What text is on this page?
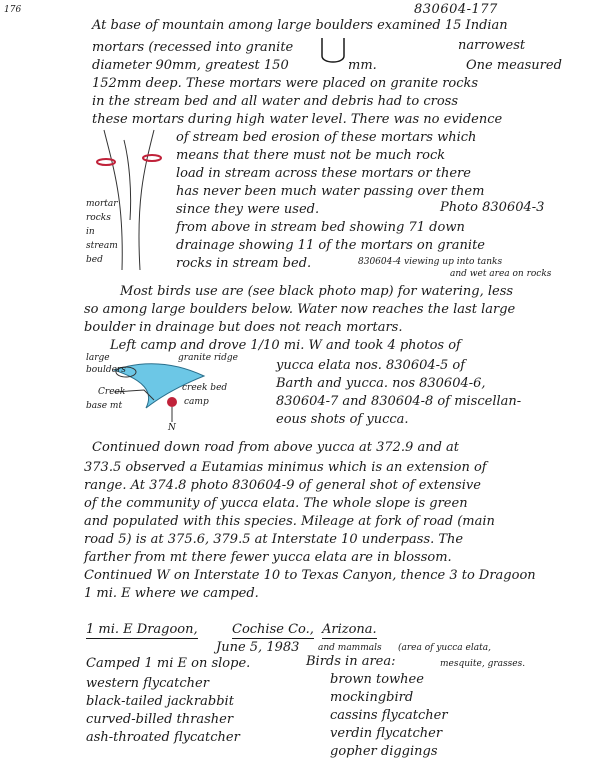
176	830604-177
At base of mountain among large boulders examined 15 Indian
mortars (recessed into granite	narrowest
diameter 90mm, greatest 150	mm.	One measured
152mm deep. These mortars were placed on granite rocks
in the stream bed and all water and debris had to cross
these mortars during high water level. There was no evidence
of stream bed erosion of these mortars which
means that there must not be much rock
load in stream across these mortars or there
has never been much water passing over them
since they were used.	Photo 830604-3
from above in stream bed showing 71 down
drainage showing 11 of the mortars on granite
rocks in stream bed.	830604-4 viewing up into tanks
and wet area on rocks
mortar
rocks
in
stream
bed
Most birds use are (see black photo map) for watering, less
so among large boulders below. Water now reaches the last large
boulder in drainage but does not reach mortars.
Left camp and drove 1/10 mi. W and took 4 photos of
yucca elata nos. 830604-5 of
Barth and yucca. nos 830604-6,
830604-7 and 830604-8 of miscellan-
eous shots of yucca.
large
boulders
granite ridge
creek bed
camp
Creek
base mt
N
Continued down road from above yucca at 372.9 and at
373.5 observed a Eutamias minimus which is an extension of
range. At 374.8 photo 830604-9 of general shot of extensive
of the community of yucca elata. The whole slope is green
and populated with this species. Mileage at fork of road (main
road 5) is at 375.6, 379.5 at Interstate 10 underpass. The
farther from mt there fewer yucca elata are in blossom.
Continued W on Interstate 10 to Texas Canyon, thence 3 to Dragoon
1 mi. E where we camped.
1 mi. E Dragoon,	Cochise Co., Arizona.
June 5, 1983 and mammals (area of yucca elata,
Camped 1 mi E on slope.	Birds in area:	mesquite, grasses.
western flycatcher
black-tailed jackrabbit
curved-billed thrasher
ash-throated flycatcher
brown towhee
mockingbird
cassins flycatcher
verdin flycatcher
gopher diggings
